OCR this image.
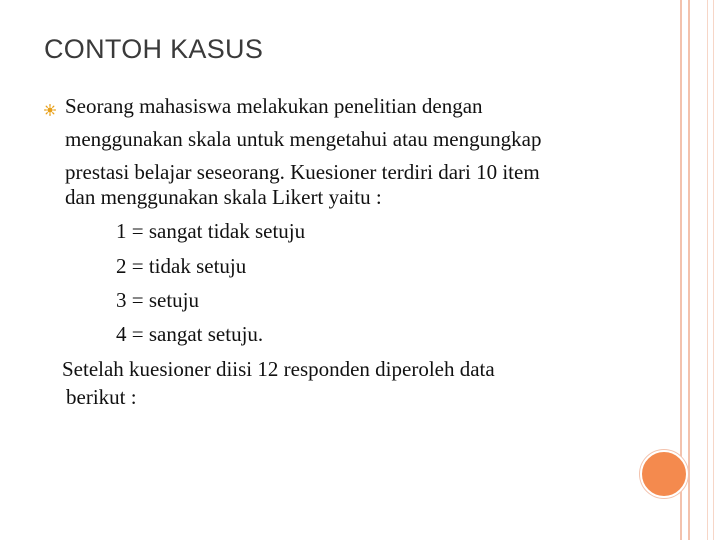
CONTOH KASUS

Seorang mahasiswa melakukan penelitian dengan

menggunakan skala untuk mengetahui atau mengungkap

prestasi belajar seseorang. Kuesioner terdiri dari 10 item

dan menggunakan skala Likert yaitu :

1 = sangat tidak setuju

2 = tidak setuju

3 = setuju

4 = sangat setuju.

Setelah kuesioner diisi 12 responden diperoleh data

berikut :
